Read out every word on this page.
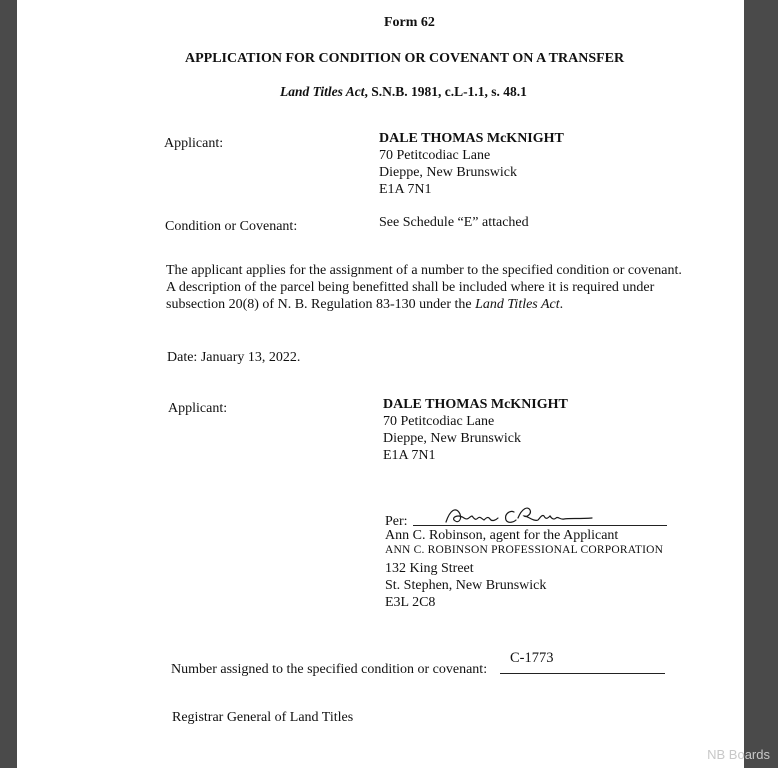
Form 62
APPLICATION FOR CONDITION OR COVENANT ON A TRANSFER
Land Titles Act, S.N.B. 1981, c.L-1.1, s. 48.1
Applicant:	DALE THOMAS McKNIGHT
70 Petitcodiac Lane
Dieppe, New Brunswick
E1A 7N1
Condition or Covenant:	See Schedule “E” attached
The applicant applies for the assignment of a number to the specified condition or covenant. A description of the parcel being benefitted shall be included where it is required under subsection 20(8) of N. B. Regulation 83-130 under the Land Titles Act.
Date: January 13, 2022.
Applicant:	DALE THOMAS McKNIGHT
70 Petitcodiac Lane
Dieppe, New Brunswick
E1A 7N1
Per:
Ann C. Robinson, agent for the Applicant
ANN C. ROBINSON PROFESSIONAL CORPORATION
132 King Street
St. Stephen, New Brunswick
E3L 2C8
Number assigned to the specified condition or covenant:
C-1773
Registrar General of Land Titles
NB Boards
